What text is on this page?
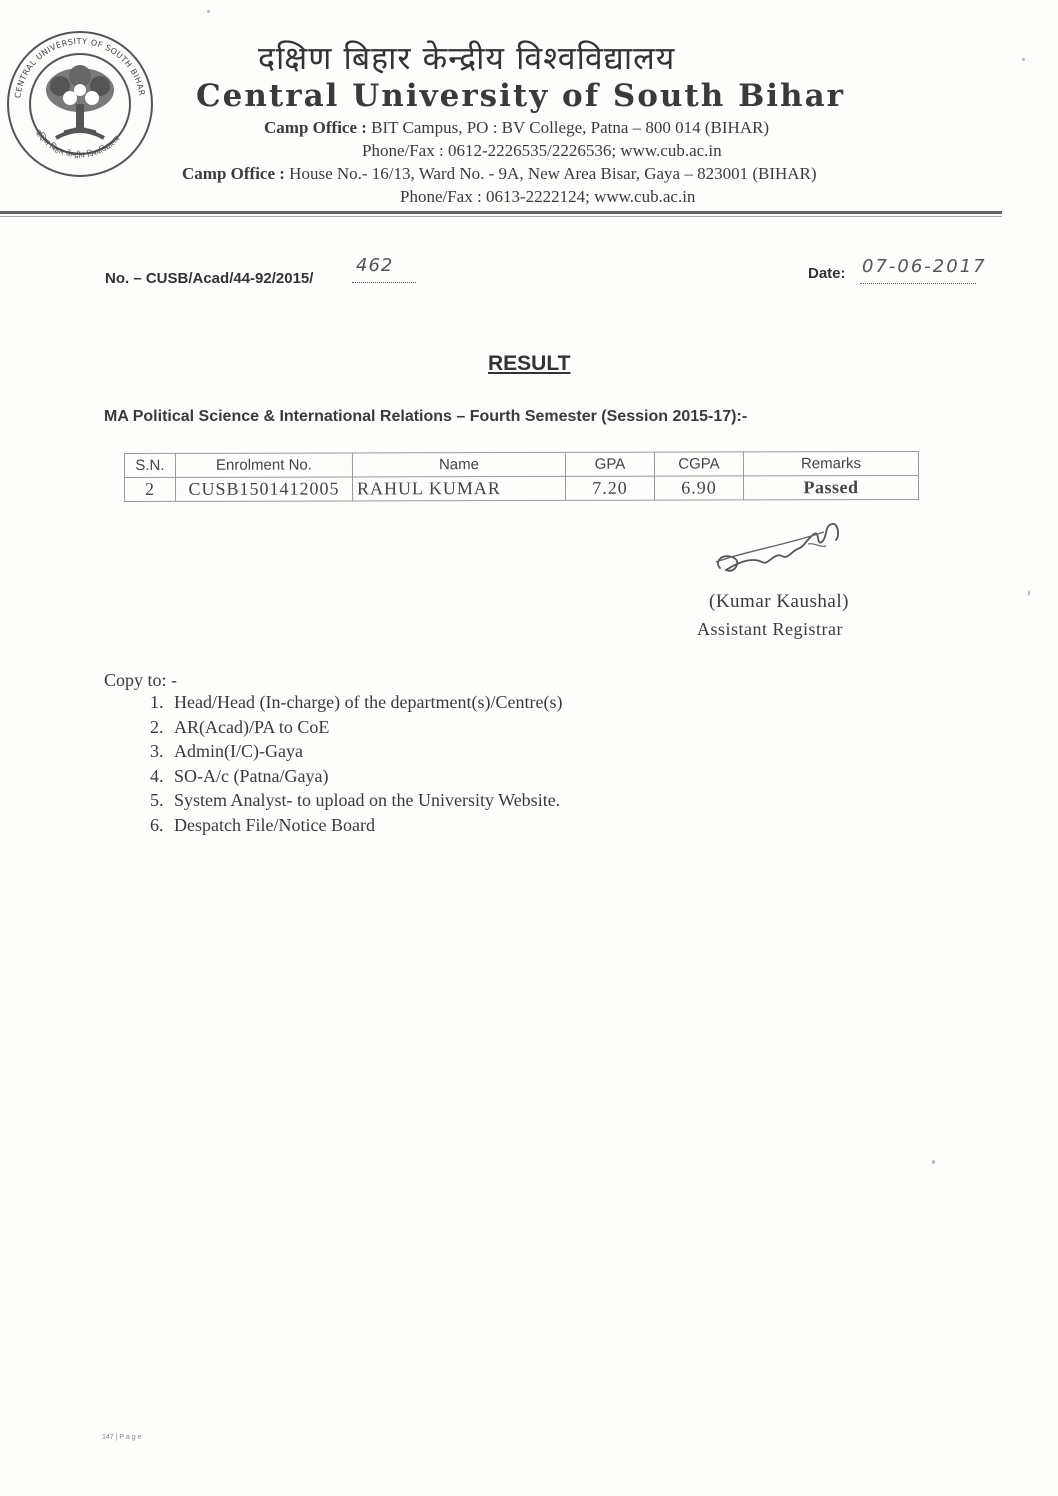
CENTRAL UNIVERSITY OF SOUTH BIHAR
दक्षिण बिहार केन्द्रीय विश्वविद्यालय
दक्षिण बिहार केन्द्रीय विश्वविद्यालय
Central University of South Bihar
Camp Office : BIT Campus, PO : BV College, Patna – 800 014 (BIHAR)
Phone/Fax : 0612-2226535/2226536; www.cub.ac.in
Camp Office : House No.- 16/13, Ward No. - 9A, New Area Bisar, Gaya – 823001 (BIHAR)
Phone/Fax : 0613-2222124; www.cub.ac.in
No. – CUSB/Acad/44-92/2015/
462	Date: 07-06-2017
RESULT
MA Political Science & International Relations – Fourth Semester (Session 2015-17):-
S.N.	Enrolment No.	Name	GPA	CGPA	Remarks
2	CUSB1501412005	RAHUL KUMAR	7.20	6.90	Passed
(Kumar Kaushal)
Assistant Registrar
Copy to: -
1. Head/Head (In-charge) of the department(s)/Centre(s)
2. AR(Acad)/PA to CoE
3. Admin(I/C)-Gaya
4. SO-A/c (Patna/Gaya)
5. System Analyst- to upload on the University Website.
6. Despatch File/Notice Board
147 | P a g e
